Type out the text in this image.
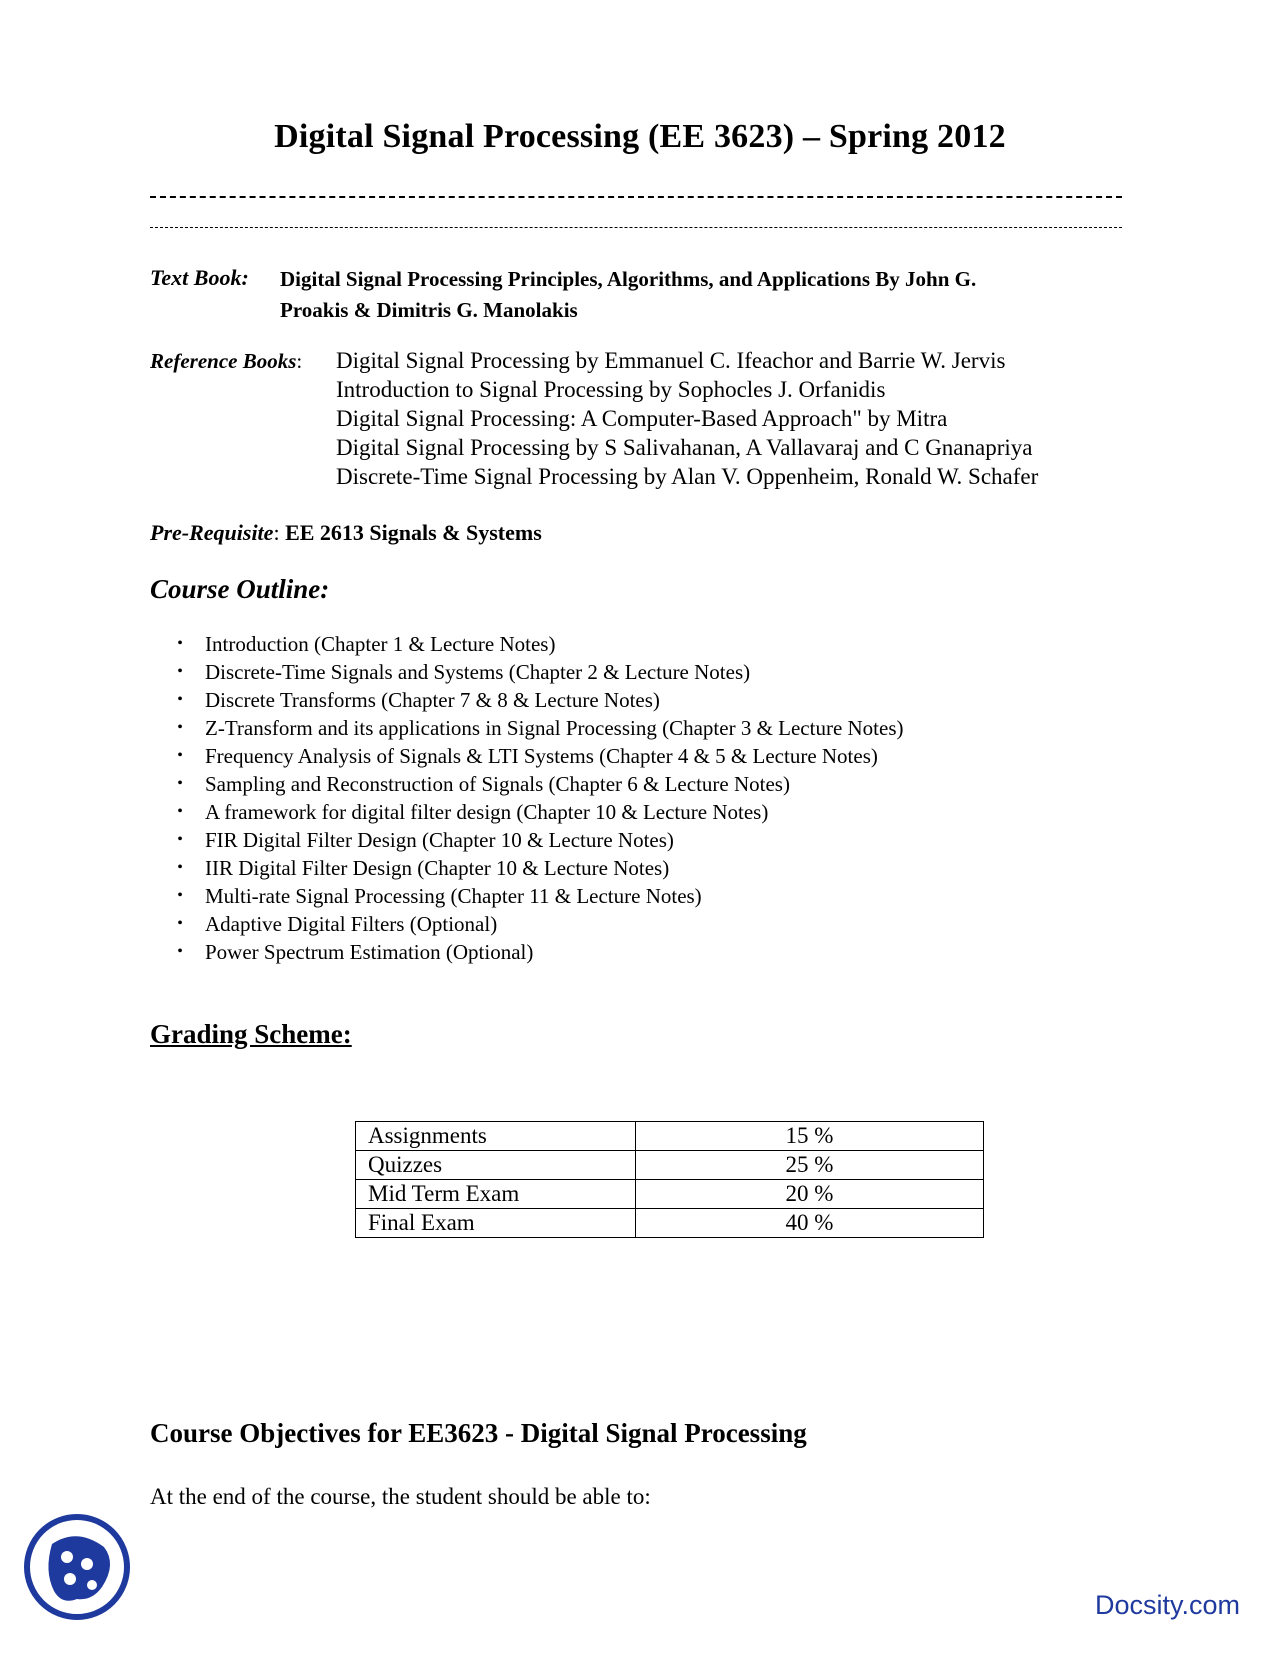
Digital Signal Processing (EE 3623) – Spring 2012
Text Book: Digital Signal Processing Principles, Algorithms, and Applications By John G.
Proakis & Dimitris G. Manolakis
Reference Books: Digital Signal Processing by Emmanuel C. Ifeachor and Barrie W. Jervis
Introduction to Signal Processing by Sophocles J. Orfanidis
Digital Signal Processing: A Computer-Based Approach" by Mitra
Digital Signal Processing by S Salivahanan, A Vallavaraj and C Gnanapriya
Discrete-Time Signal Processing by Alan V. Oppenheim, Ronald W. Schafer
Pre-Requisite: EE 2613 Signals & Systems
Course Outline:
•	Introduction (Chapter 1 & Lecture Notes)
•	Discrete-Time Signals and Systems (Chapter 2 & Lecture Notes)
•	Discrete Transforms (Chapter 7 & 8 & Lecture Notes)
•	Z-Transform and its applications in Signal Processing (Chapter 3 & Lecture Notes)
•	Frequency Analysis of Signals & LTI Systems (Chapter 4 & 5 & Lecture Notes)
•	Sampling and Reconstruction of Signals (Chapter 6 & Lecture Notes)
•	A framework for digital filter design (Chapter 10 & Lecture Notes)
•	FIR Digital Filter Design (Chapter 10 & Lecture Notes)
•	IIR Digital Filter Design (Chapter 10 & Lecture Notes)
•	Multi-rate Signal Processing (Chapter 11 & Lecture Notes)
•	Adaptive Digital Filters (Optional)
•	Power Spectrum Estimation (Optional)
Grading Scheme:
Assignments	15 %
Quizzes	25 %
Mid Term Exam	20 %
Final Exam	40 %
Course Objectives for EE3623 - Digital Signal Processing
At the end of the course, the student should be able to:
Docsity.com
